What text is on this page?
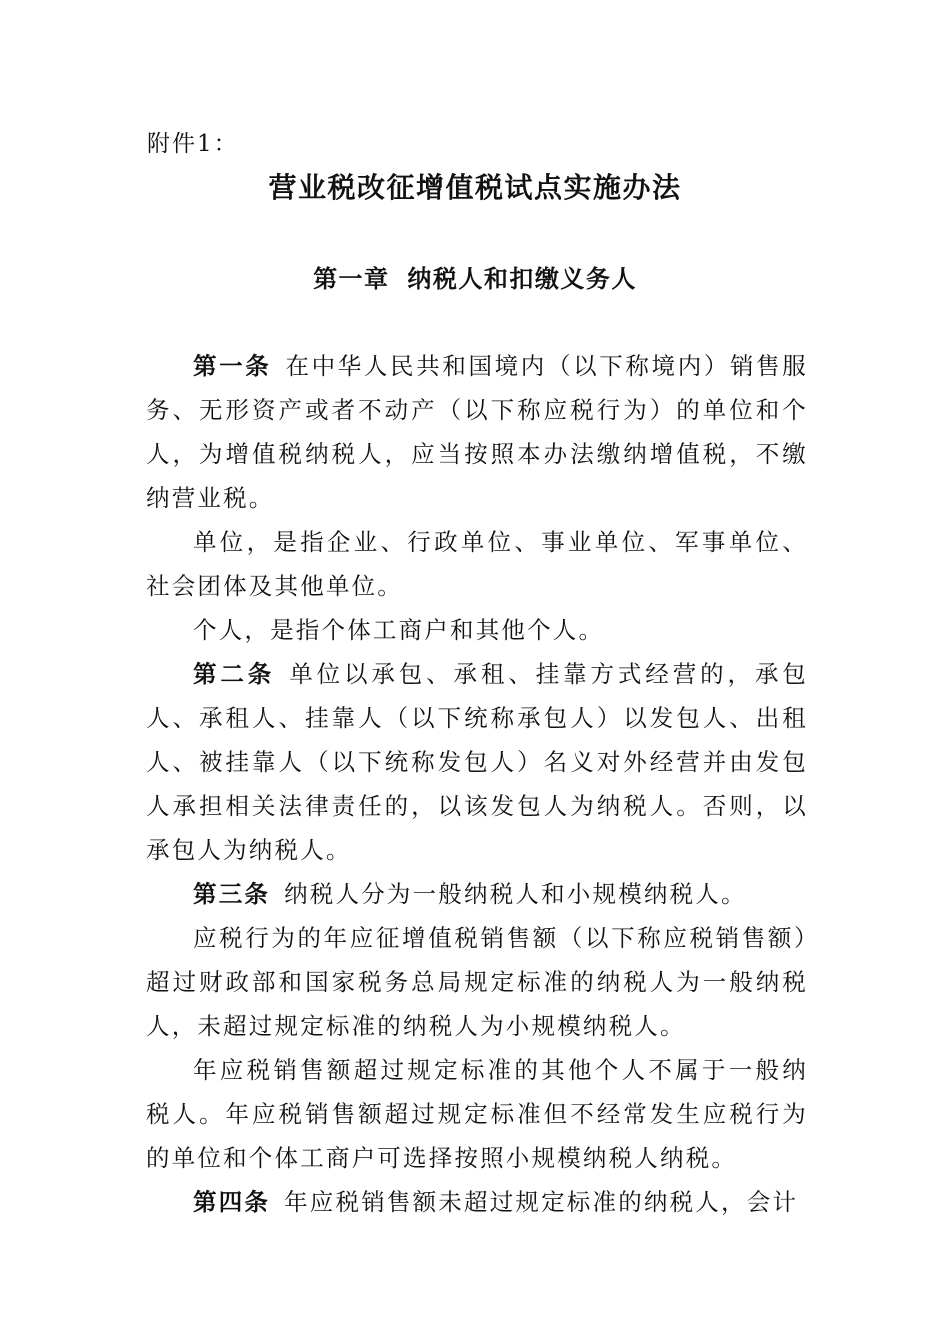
附件1：
营业税改征增值税试点实施办法
第一章 纳税人和扣缴义务人

第一条 在中华人民共和国境内（以下称境内）销售服务、无形资产或者不动产（以下称应税行为）的单位和个人，为增值税纳税人，应当按照本办法缴纳增值税，不缴纳营业税。

单位，是指企业、行政单位、事业单位、军事单位、社会团体及其他单位。

个人，是指个体工商户和其他个人。

第二条 单位以承包、承租、挂靠方式经营的，承包人、承租人、挂靠人（以下统称承包人）以发包人、出租人、被挂靠人（以下统称发包人）名义对外经营并由发包人承担相关法律责任的，以该发包人为纳税人。否则，以承包人为纳税人。

第三条 纳税人分为一般纳税人和小规模纳税人。

应税行为的年应征增值税销售额（以下称应税销售额）超过财政部和国家税务总局规定标准的纳税人为一般纳税人，未超过规定标准的纳税人为小规模纳税人。

年应税销售额超过规定标准的其他个人不属于一般纳税人。年应税销售额超过规定标准但不经常发生应税行为的单位和个体工商户可选择按照小规模纳税人纳税。

第四条 年应税销售额未超过规定标准的纳税人，会计
